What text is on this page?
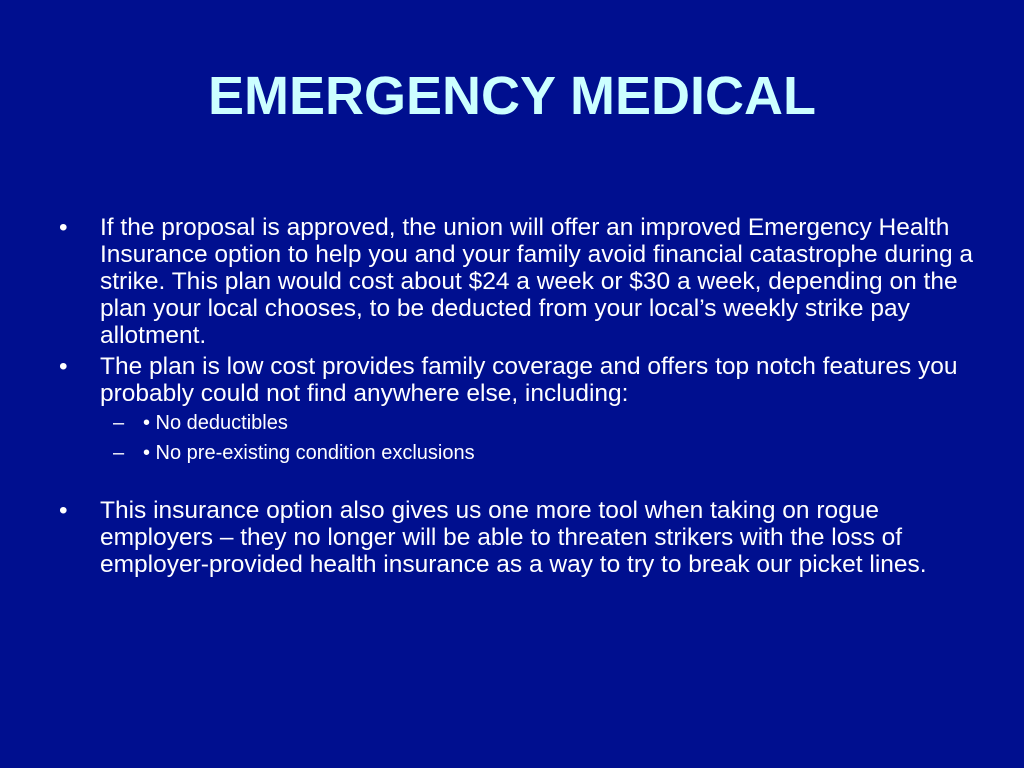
EMERGENCY MEDICAL
• If the proposal is approved, the union will offer an improved Emergency Health Insurance option to help you and your family avoid financial catastrophe during a strike. This plan would cost about $24 a week or $30 a week, depending on the plan your local chooses, to be deducted from your local’s weekly strike pay allotment.
• The plan is low cost provides family coverage and offers top notch features you probably could not find anywhere else, including:
– • No deductibles
– • No pre-existing condition exclusions
• This insurance option also gives us one more tool when taking on rogue employers – they no longer will be able to threaten strikers with the loss of employer-provided health insurance as a way to try to break our picket lines.
